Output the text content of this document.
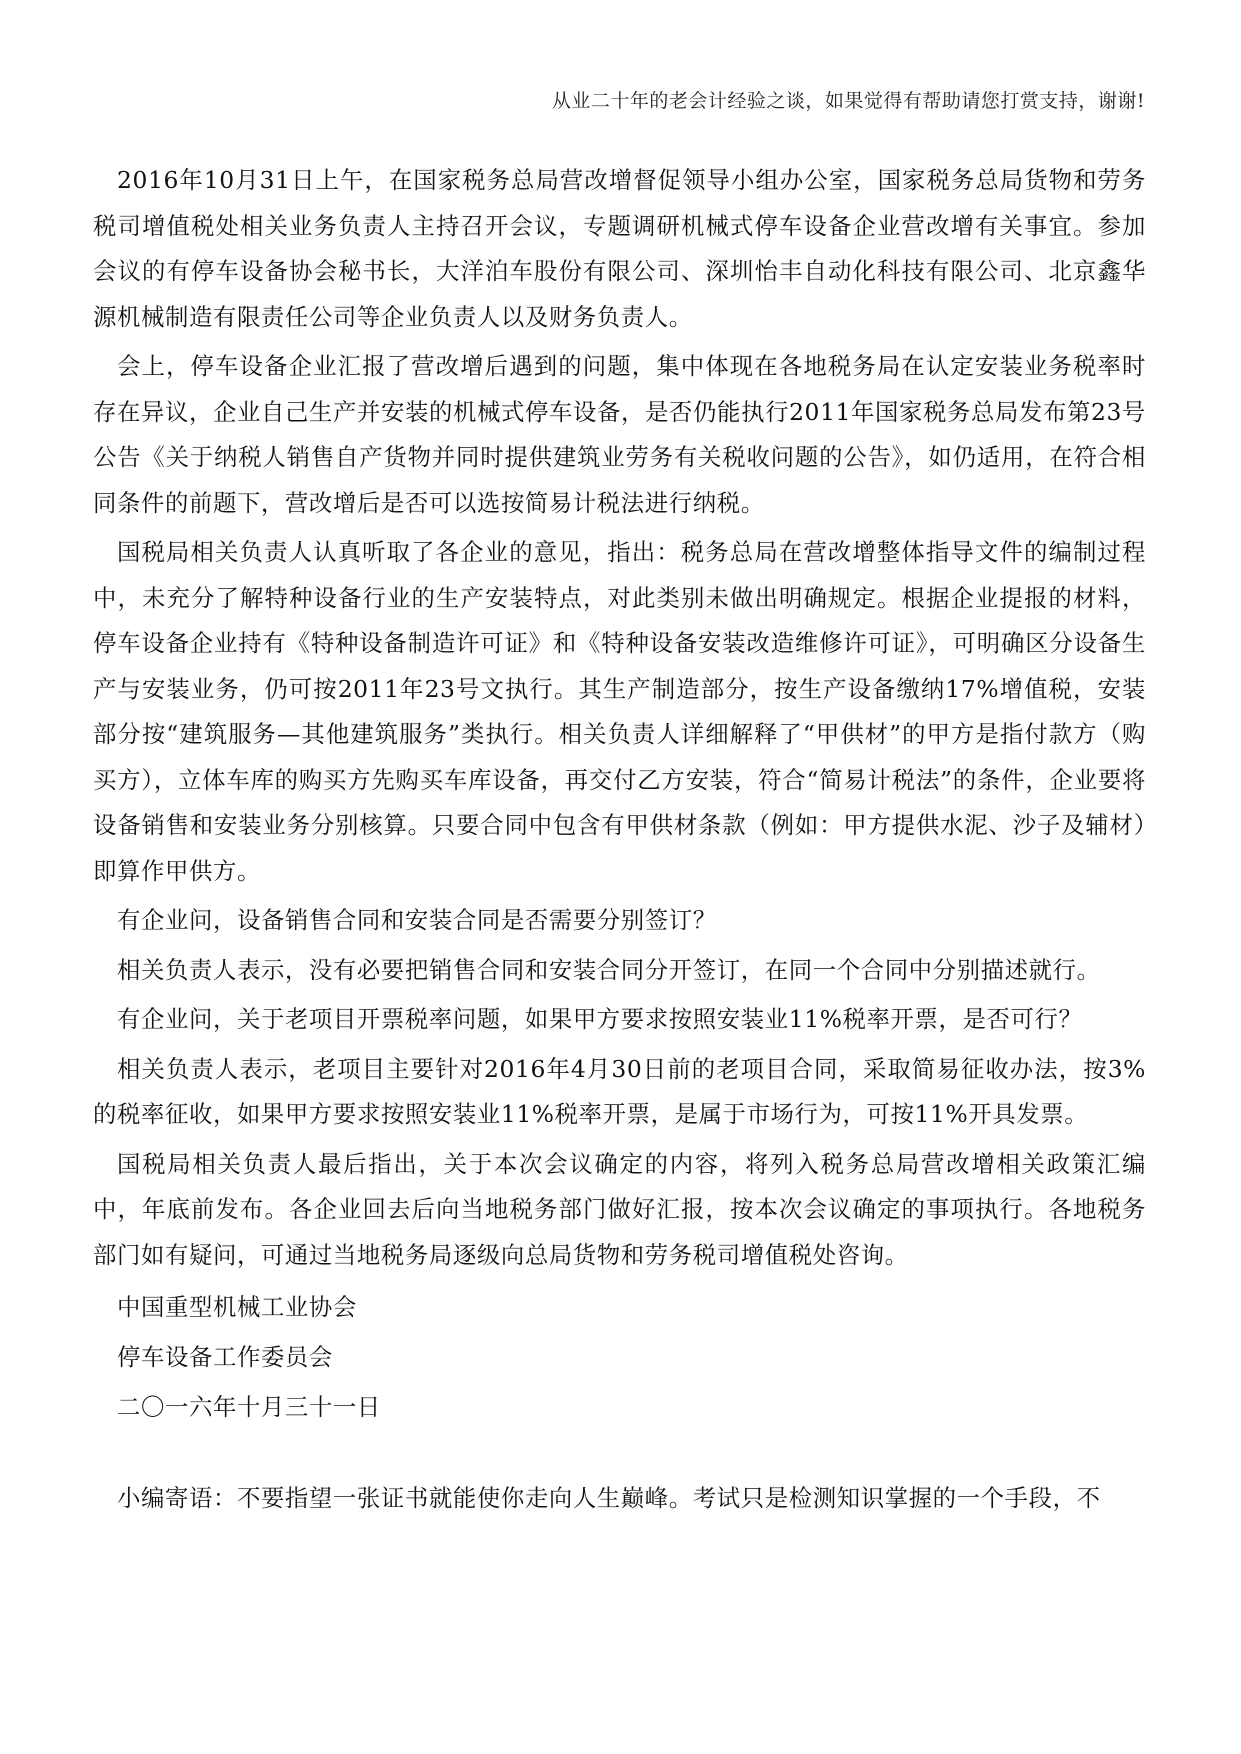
从业二十年的老会计经验之谈，如果觉得有帮助请您打赏支持，谢谢!

2016年10月31日上午，在国家税务总局营改增督促领导小组办公室，国家税务总局货物和劳务税司增值税处相关业务负责人主持召开会议，专题调研机械式停车设备企业营改增有关事宜。参加会议的有停车设备协会秘书长，大洋泊车股份有限公司、深圳怡丰自动化科技有限公司、北京鑫华源机械制造有限责任公司等企业负责人以及财务负责人。

会上，停车设备企业汇报了营改增后遇到的问题，集中体现在各地税务局在认定安装业务税率时存在异议，企业自己生产并安装的机械式停车设备，是否仍能执行2011年国家税务总局发布第23号公告《关于纳税人销售自产货物并同时提供建筑业劳务有关税收问题的公告》，如仍适用，在符合相同条件的前题下，营改增后是否可以选按简易计税法进行纳税。

国税局相关负责人认真听取了各企业的意见，指出：税务总局在营改增整体指导文件的编制过程中，未充分了解特种设备行业的生产安装特点，对此类别未做出明确规定。根据企业提报的材料，停车设备企业持有《特种设备制造许可证》和《特种设备安装改造维修许可证》，可明确区分设备生产与安装业务，仍可按2011年23号文执行。其生产制造部分，按生产设备缴纳17%增值税，安装部分按“建筑服务—其他建筑服务”类执行。相关负责人详细解释了“甲供材”的甲方是指付款方（购买方），立体车库的购买方先购买车库设备，再交付乙方安装，符合“简易计税法”的条件，企业要将设备销售和安装业务分别核算。只要合同中包含有甲供材条款（例如：甲方提供水泥、沙子及辅材）即算作甲供方。

有企业问，设备销售合同和安装合同是否需要分别签订？

相关负责人表示，没有必要把销售合同和安装合同分开签订，在同一个合同中分别描述就行。

有企业问，关于老项目开票税率问题，如果甲方要求按照安装业11%税率开票，是否可行？

相关负责人表示，老项目主要针对2016年4月30日前的老项目合同，采取简易征收办法，按3%的税率征收，如果甲方要求按照安装业11%税率开票，是属于市场行为，可按11%开具发票。

国税局相关负责人最后指出，关于本次会议确定的内容，将列入税务总局营改增相关政策汇编中，年底前发布。各企业回去后向当地税务部门做好汇报，按本次会议确定的事项执行。各地税务部门如有疑问，可通过当地税务局逐级向总局货物和劳务税司增值税处咨询。

中国重型机械工业协会

停车设备工作委员会

二〇一六年十月三十一日

小编寄语：不要指望一张证书就能使你走向人生巅峰。考试只是检测知识掌握的一个手段，不
